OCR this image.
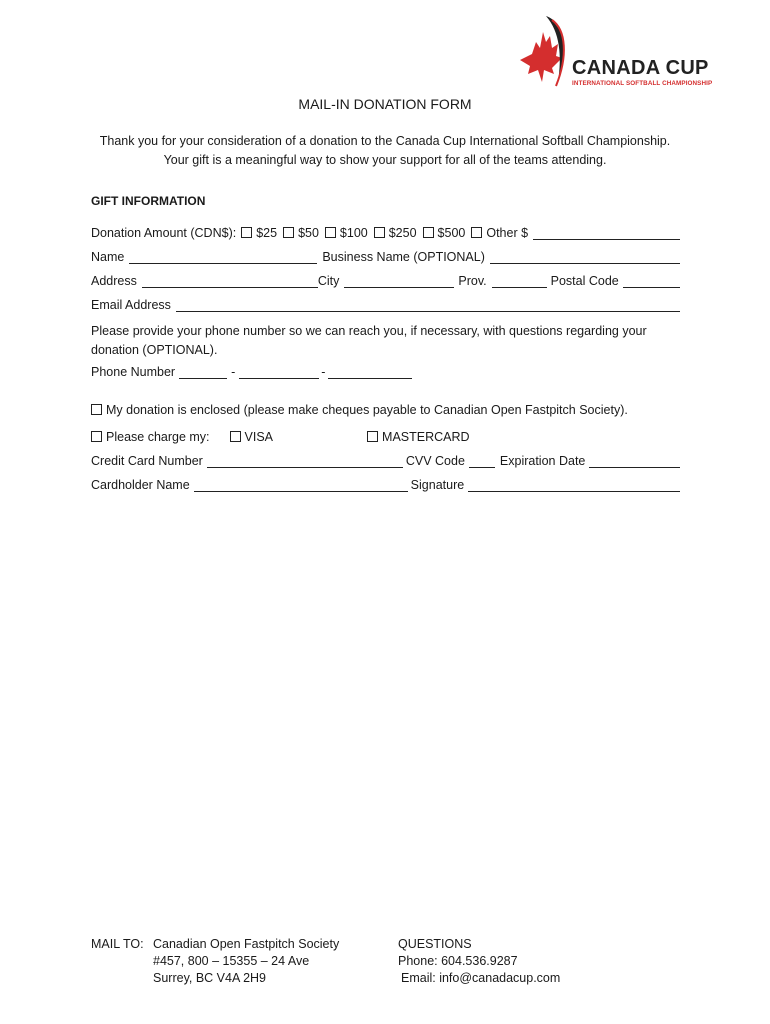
CANADA CUP
INTERNATIONAL SOFTBALL CHAMPIONSHIP
MAIL-IN DONATION FORM
Thank you for your consideration of a donation to the Canada Cup International Softball Championship.
Your gift is a meaningful way to show your support for all of the teams attending.
GIFT INFORMATION
Donation Amount (CDN$): $25 $50 $100 $250 $500 Other $
Name	Business Name (OPTIONAL)
Address	City	Prov.	Postal Code
Email Address
Please provide your phone number so we can reach you, if necessary, with questions regarding your donation (OPTIONAL).
Phone Number	-	-
My donation is enclosed (please make cheques payable to Canadian Open Fastpitch Society).
Please charge my:	VISA	MASTERCARD
Credit Card Number	CVV Code	Expiration Date
Cardholder Name	Signature
MAIL TO: Canadian Open Fastpitch Society
#457, 800 – 15355 – 24 Ave
Surrey, BC V4A 2H9
QUESTIONS
Phone: 604.536.9287
Email: info@canadacup.com
